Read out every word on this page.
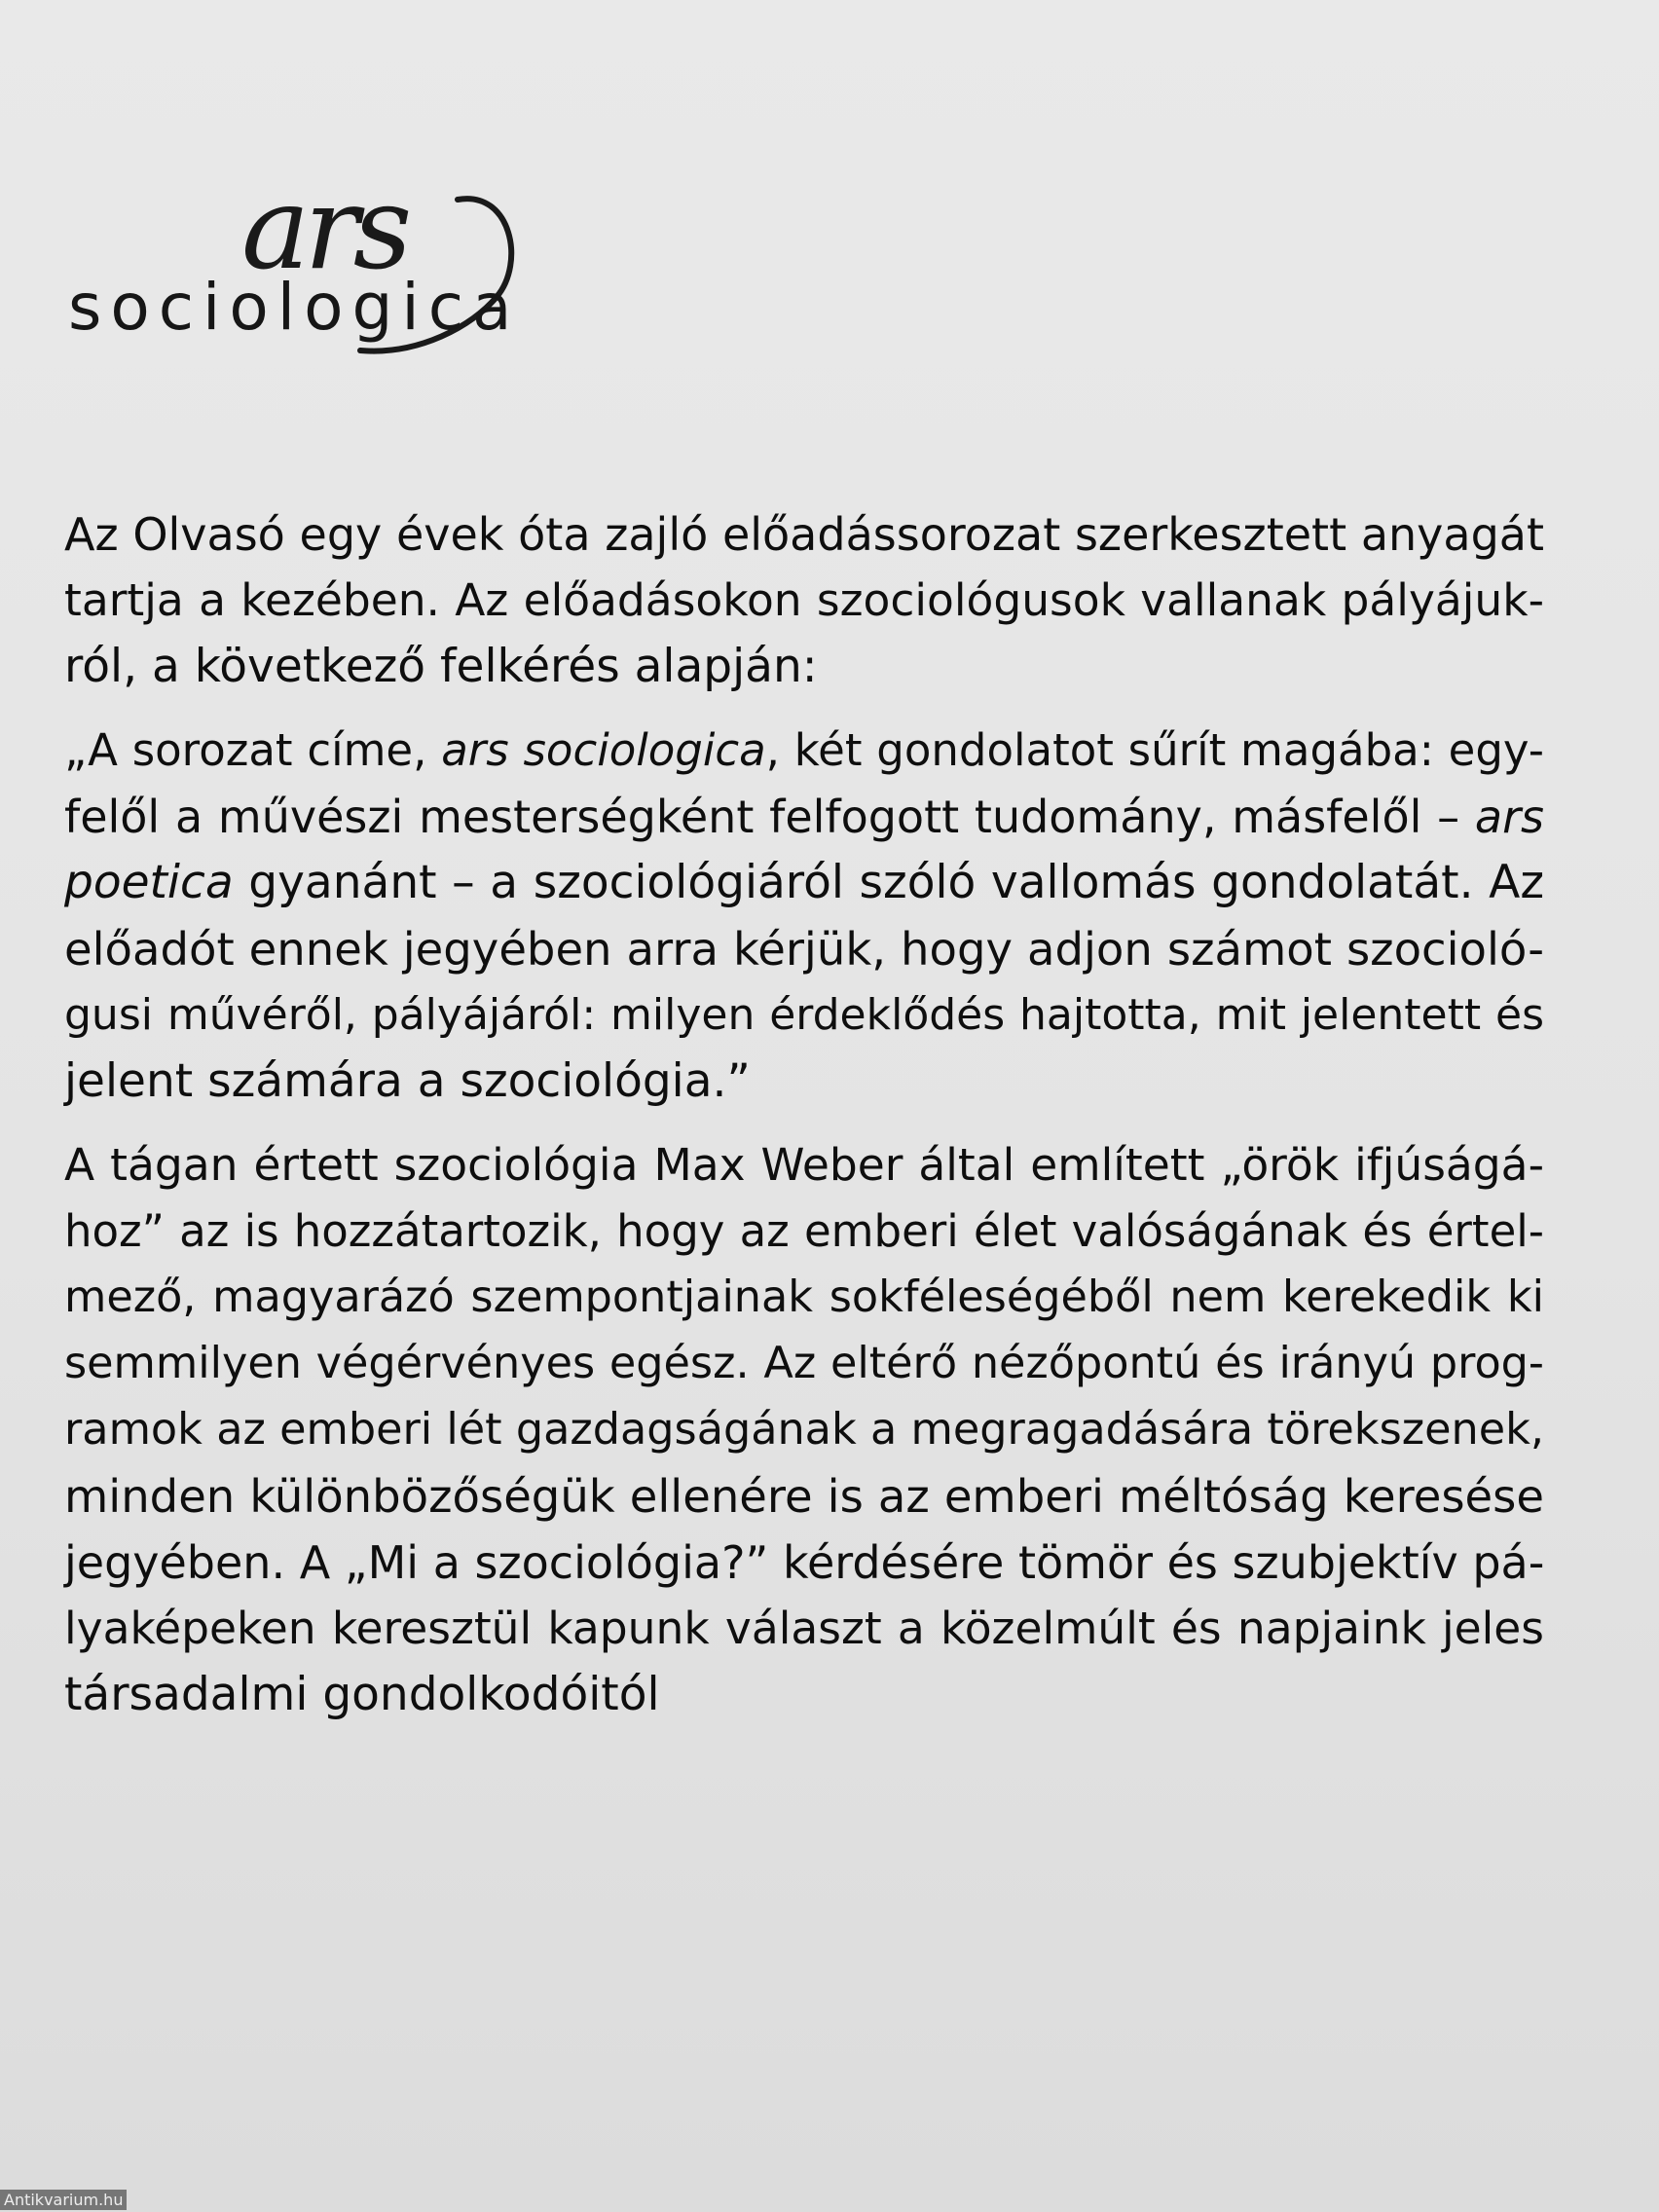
ars
sociologica
Az Olvasó egy évek óta zajló előadássorozat szerkesztett anyagát
tartja a kezében. Az előadásokon szociológusok vallanak pályájuk-
ról, a következő felkérés alapján:
„A sorozat címe, ars sociologica, két gondolatot sűrít magába: egy-
felől a művészi mesterségként felfogott tudomány, másfelől – ars
poetica gyanánt – a szociológiáról szóló vallomás gondolatát. Az
előadót ennek jegyében arra kérjük, hogy adjon számot szocioló-
gusi művéről, pályájáról: milyen érdeklődés hajtotta, mit jelentett és
jelent számára a szociológia.”
A tágan értett szociológia Max Weber által említett „örök ifjúságá-
hoz” az is hozzátartozik, hogy az emberi élet valóságának és értel-
mező, magyarázó szempontjainak sokféleségéből nem kerekedik ki
semmilyen végérvényes egész. Az eltérő nézőpontú és irányú prog-
ramok az emberi lét gazdagságának a megragadására törekszenek,
minden különbözőségük ellenére is az emberi méltóság keresése
jegyében. A „Mi a szociológia?” kérdésére tömör és szubjektív pá-
lyaképeken keresztül kapunk választ a közelmúlt és napjaink jeles
társadalmi gondolkodóitól
Antikvarium.hu
